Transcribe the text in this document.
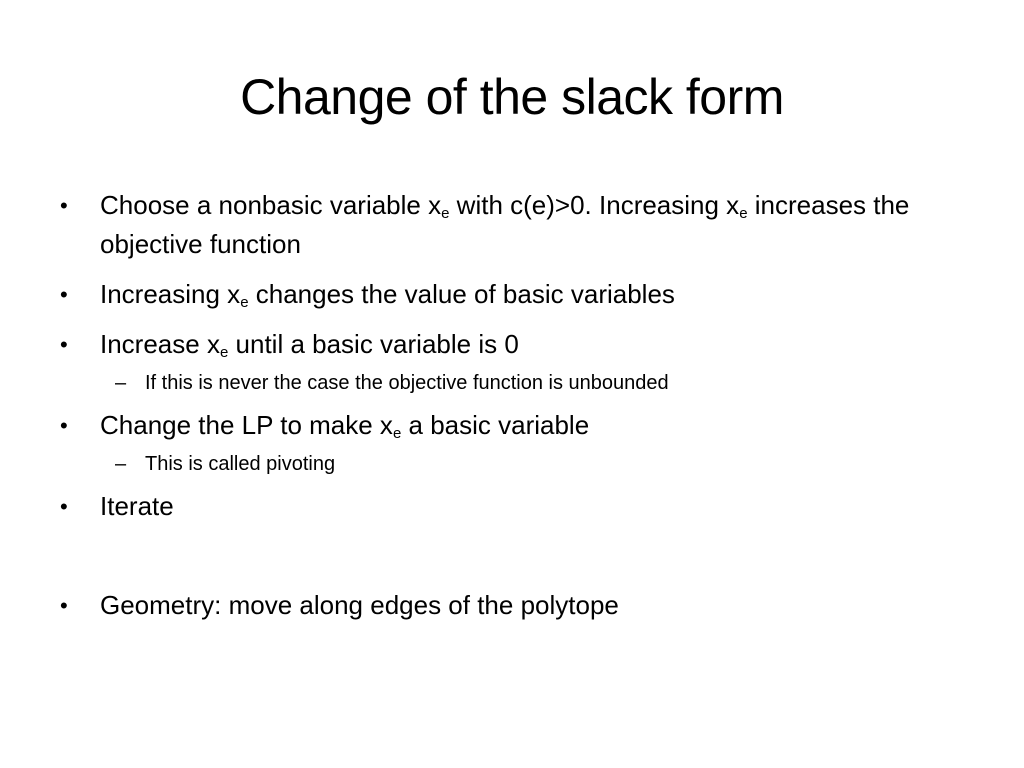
Change of the slack form
•	Choose a nonbasic variable $x_e$ with c(e)>0. Increasing $x_e$ increases the objective function
•	Increasing $x_e$ changes the value of basic variables
•	Increase $x_e$ until a basic variable is 0
– If this is never the case the objective function is unbounded
•	Change the LP to make $x_e$ a basic variable
– This is called pivoting
•	Iterate
•	Geometry: move along edges of the polytope
